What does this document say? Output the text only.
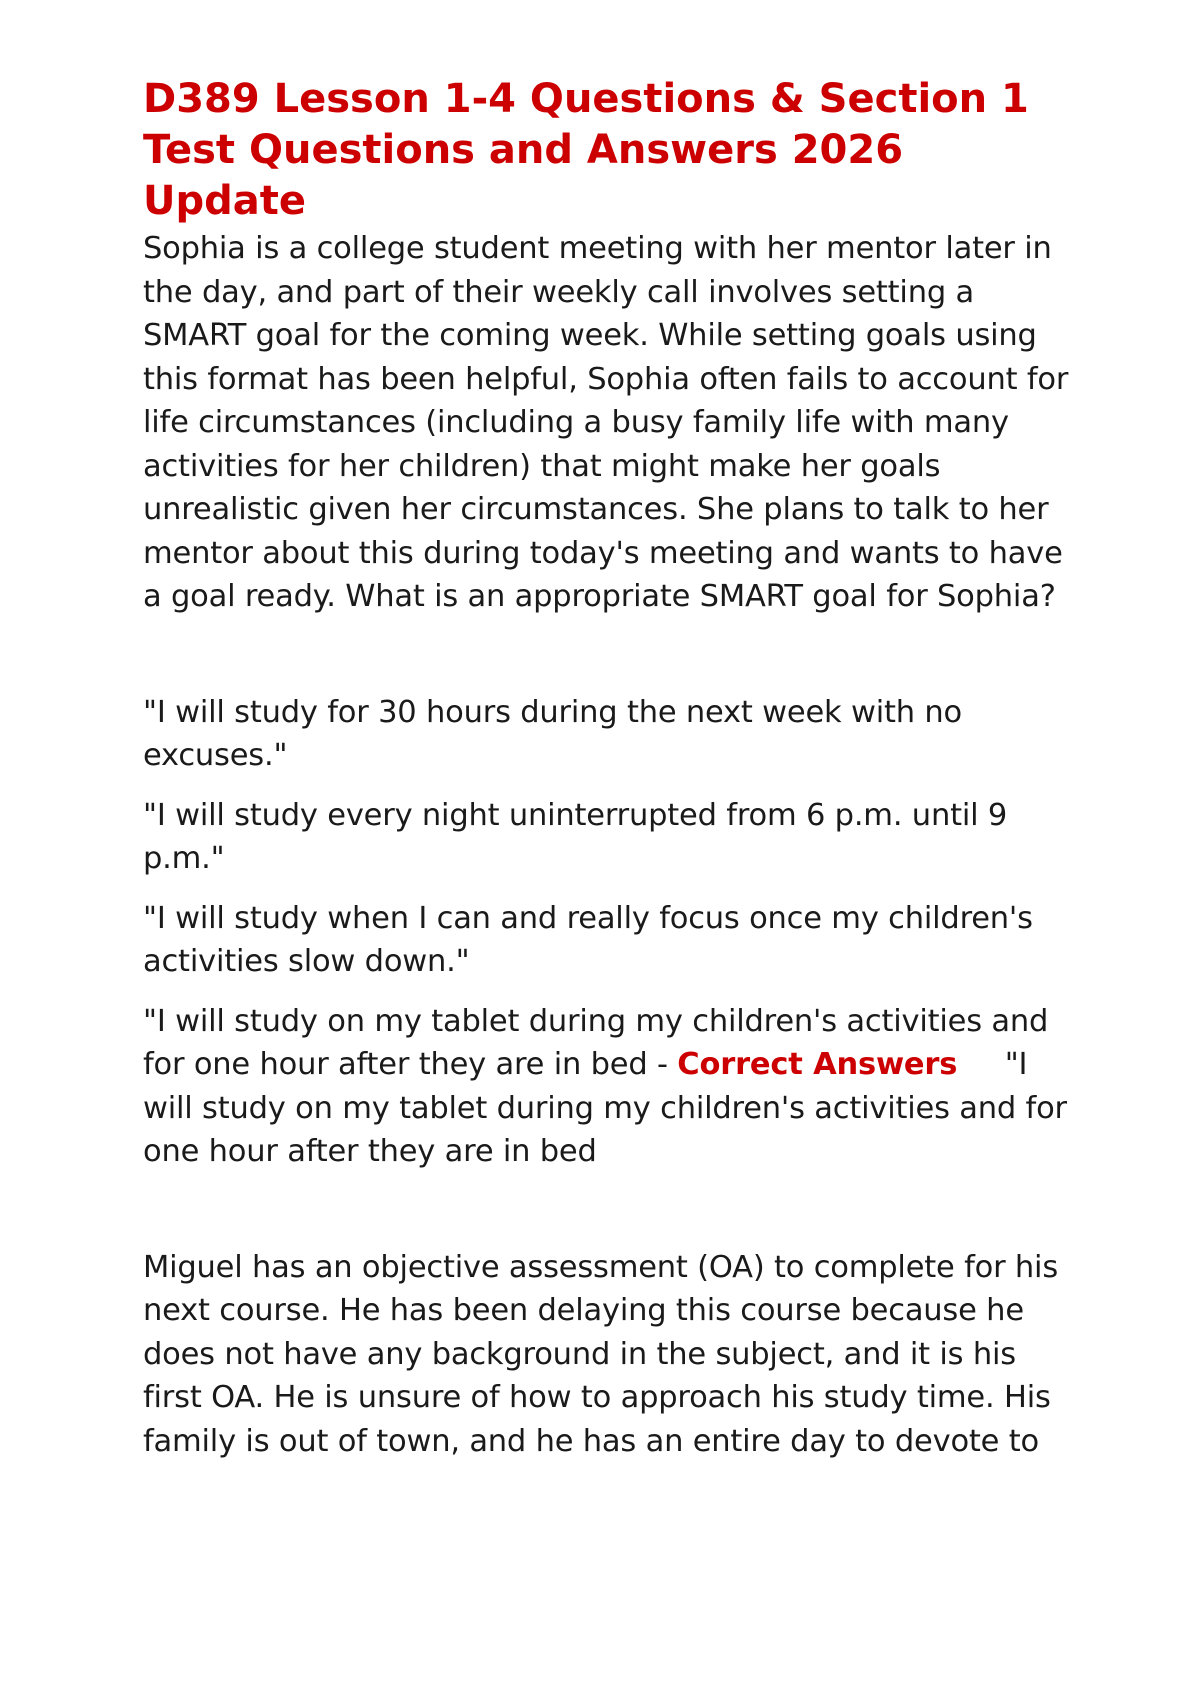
D389 Lesson 1-4 Questions & Section 1 Test Questions and Answers 2026 Update

Sophia is a college student meeting with her mentor later in the day, and part of their weekly call involves setting a SMART goal for the coming week. While setting goals using this format has been helpful, Sophia often fails to account for life circumstances (including a busy family life with many activities for her children) that might make her goals unrealistic given her circumstances. She plans to talk to her mentor about this during today's meeting and wants to have a goal ready. What is an appropriate SMART goal for Sophia?

"I will study for 30 hours during the next week with no excuses."

"I will study every night uninterrupted from 6 p.m. until 9 p.m."

"I will study when I can and really focus once my children's activities slow down."

"I will study on my tablet during my children's activities and for one hour after they are in bed - Correct Answers "I will study on my tablet during my children's activities and for one hour after they are in bed

Miguel has an objective assessment (OA) to complete for his next course. He has been delaying this course because he does not have any background in the subject, and it is his first OA. He is unsure of how to approach his study time. His family is out of town, and he has an entire day to devote to
